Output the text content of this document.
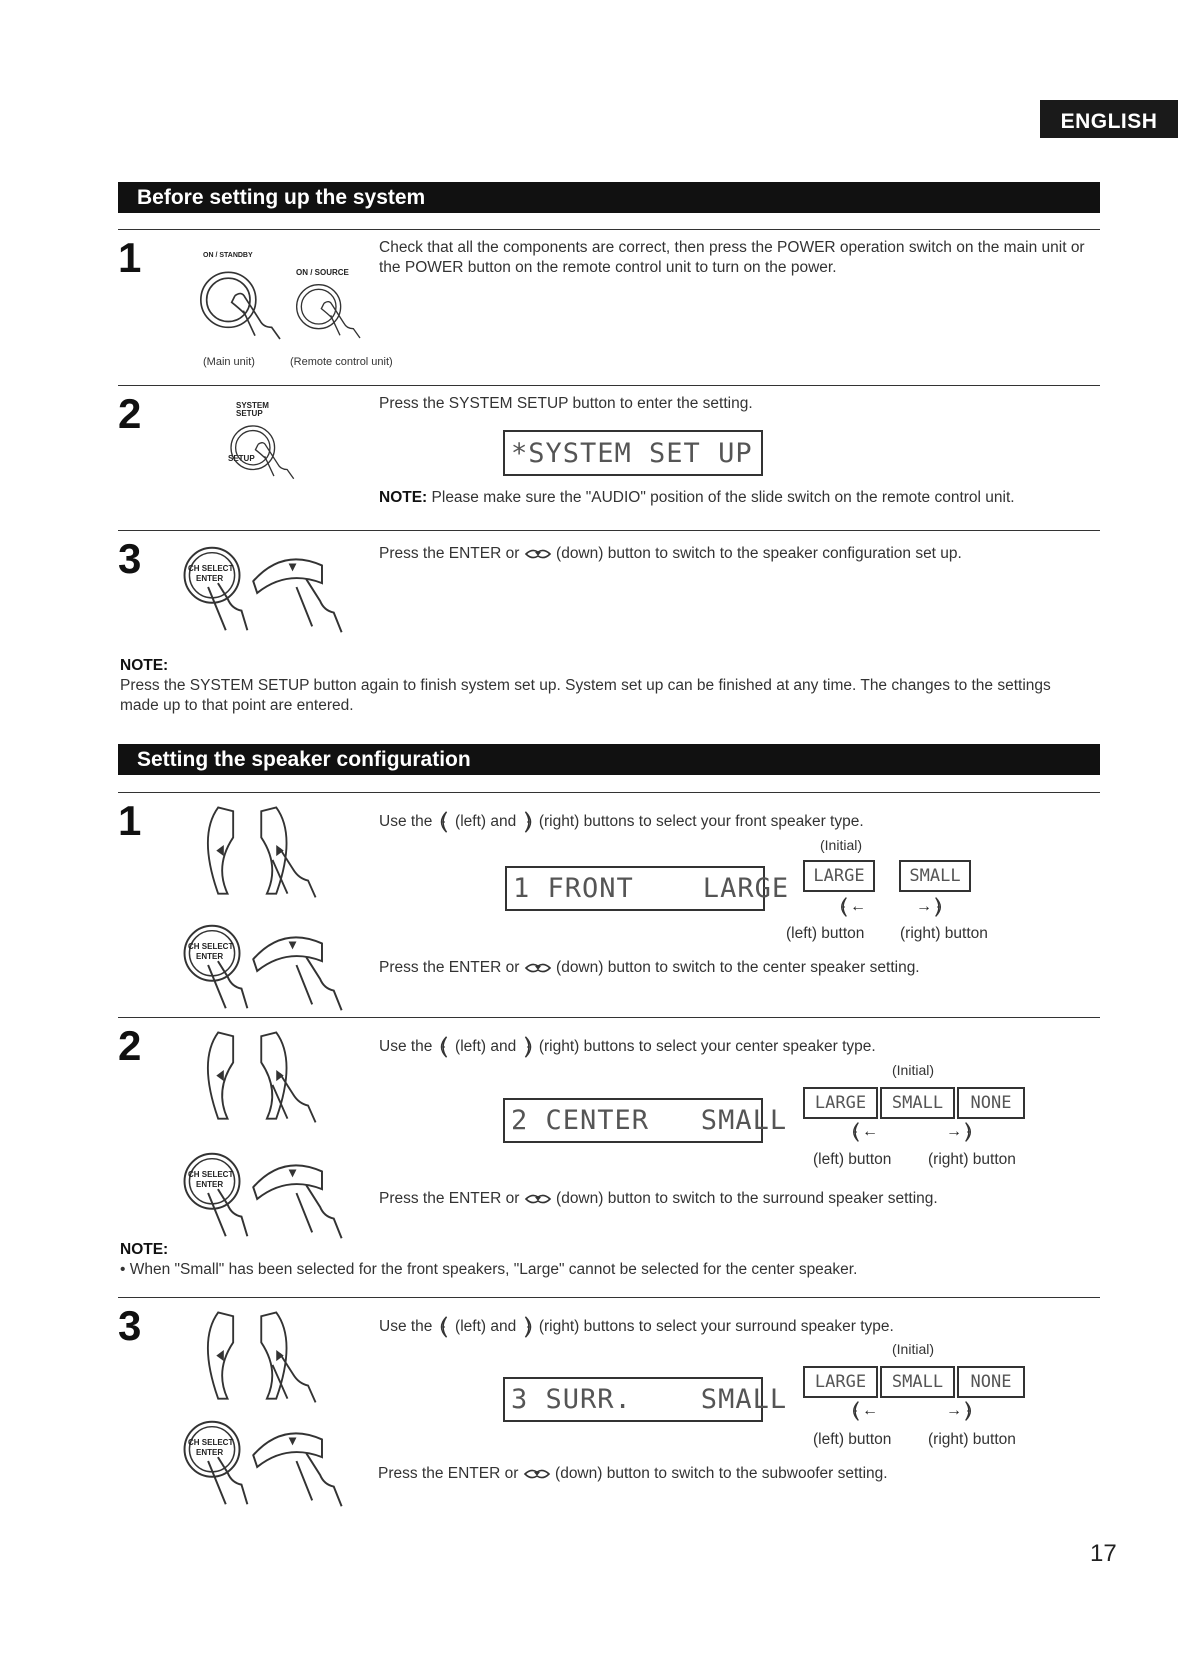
ENGLISH
Before setting up the system
1	ON / STANDBY
ON / SOURCE
(Main unit)	(Remote control unit)
Check that all the components are correct, then press the POWER operation switch on the main unit or the POWER button on the remote control unit to turn on the power.
2	SYSTEM SETUP
SETUP
Press the SYSTEM SETUP button to enter the setting.
*SYSTEM SET UP
NOTE: Please make sure the "AUDIO" position of the slide switch on the remote control unit.
3	CH SELECT
ENTER
Press the ENTER or (down) button to switch to the speaker configuration set up.
NOTE:
Press the SYSTEM SETUP button again to finish system set up. System set up can be finished at any time. The changes to the settings made up to that point are entered.
Setting the speaker configuration
1
CH SELECT
ENTER
Use the (left) and (right) buttons to select your front speaker type.
(Initial)
1 FRONT    LARGE	LARGE	SMALL
←	→
(left) button (right) button
Press the ENTER or (down) button to switch to the center speaker setting.
2
CH SELECT
ENTER
Use the (left) and (right) buttons to select your center speaker type.
(Initial)
2 CENTER   SMALL
LARGE	SMALL	NONE
←	→
(left) button (right) button
Press the ENTER or (down) button to switch to the surround speaker setting.
NOTE:
• When "Small" has been selected for the front speakers, "Large" cannot be selected for the center speaker.
3
CH SELECT
ENTER
Use the (left) and (right) buttons to select your surround speaker type.
(Initial)
3 SURR.    SMALL
LARGE	SMALL	NONE
←	→
(left) button (right) button
Press the ENTER or (down) button to switch to the subwoofer setting.
17
